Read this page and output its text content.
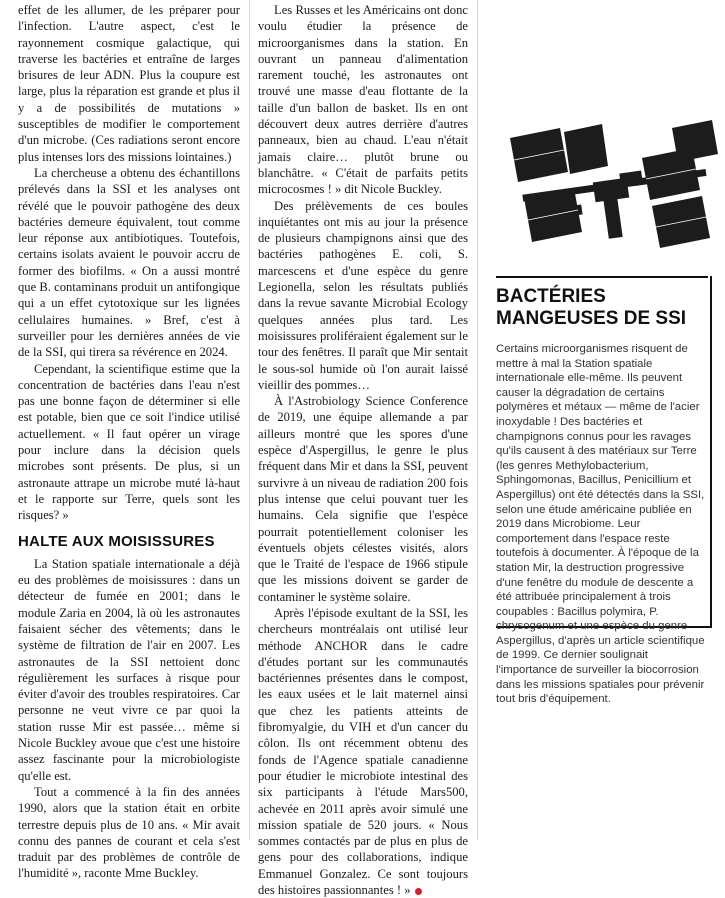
effet de les allumer, de les préparer pour l'infection. L'autre aspect, c'est le rayonnement cosmique galactique, qui traverse les bactéries et entraîne de larges brisures de leur ADN. Plus la coupure est large, plus la réparation est grande et plus il y a de possibilités de mutations » susceptibles de modifier le comportement d'un microbe. (Ces radiations seront encore plus intenses lors des missions lointaines.)

La chercheuse a obtenu des échantillons prélevés dans la SSI et les analyses ont révélé que le pouvoir pathogène des deux bactéries demeure équivalent, tout comme leur réponse aux antibiotiques. Toutefois, certains isolats avaient le pouvoir accru de former des biofilms. « On a aussi montré que B. contaminans produit un antifongique qui a un effet cytotoxique sur les lignées cellulaires humaines. » Bref, c'est à surveiller pour les dernières années de vie de la SSI, qui tirera sa révérence en 2024.

Cependant, la scientifique estime que la concentration de bactéries dans l'eau n'est pas une bonne façon de déterminer si elle est potable, bien que ce soit l'indice utilisé actuellement. « Il faut opérer un virage pour inclure dans la décision quels microbes sont présents. De plus, si un astronaute attrape un microbe muté là-haut et le rapporte sur Terre, quels sont les risques? »

HALTE AUX MOISISSURES

La Station spatiale internationale a déjà eu des problèmes de moisissures : dans un détecteur de fumée en 2001; dans le module Zaria en 2004, là où les astronautes faisaient sécher des vêtements; dans le système de filtration de l'air en 2007. Les astronautes de la SSI nettoient donc régulièrement les surfaces à risque pour éviter d'avoir des troubles respiratoires. Car personne ne veut vivre ce par quoi la station russe Mir est passée… même si Nicole Buckley avoue que c'est une histoire assez fascinante pour la microbiologiste qu'elle est.

Tout a commencé à la fin des années 1990, alors que la station était en orbite terrestre depuis plus de 10 ans. « Mir avait connu des pannes de courant et cela s'est traduit par des problèmes de contrôle de l'humidité », raconte Mme Buckley.

Les Russes et les Américains ont donc voulu étudier la présence de microorganismes dans la station. En ouvrant un panneau d'alimentation rarement touché, les astronautes ont trouvé une masse d'eau flottante de la taille d'un ballon de basket. Ils en ont découvert deux autres derrière d'autres panneaux, bien au chaud. L'eau n'était jamais claire… plutôt brune ou blanchâtre. « C'était de parfaits petits microcosmes ! » dit Nicole Buckley.

Des prélèvements de ces boules inquiétantes ont mis au jour la présence de plusieurs champignons ainsi que des bactéries pathogènes E. coli, S. marcescens et d'une espèce du genre Legionella, selon les résultats publiés dans la revue savante Microbial Ecology quelques années plus tard. Les moisissures proliféraient également sur le tour des fenêtres. Il paraît que Mir sentait le sous-sol humide où l'on aurait laissé vieillir des pommes…

À l'Astrobiology Science Conference de 2019, une équipe allemande a par ailleurs montré que les spores d'une espèce d'Aspergillus, le genre le plus fréquent dans Mir et dans la SSI, peuvent survivre à un niveau de radiation 200 fois plus intense que celui pouvant tuer les humains. Cela signifie que l'espèce pourrait potentiellement coloniser les éventuels objets célestes visités, alors que le Traité de l'espace de 1966 stipule que les missions doivent se garder de contaminer le système solaire.

Après l'épisode exultant de la SSI, les chercheurs montréalais ont utilisé leur méthode ANCHOR dans le cadre d'études portant sur les communautés bactériennes présentes dans le compost, les eaux usées et le lait maternel ainsi que chez les patients atteints de fibromyalgie, du VIH et d'un cancer du côlon. Ils ont récemment obtenu des fonds de l'Agence spatiale canadienne pour étudier le microbiote intestinal des six participants à l'étude Mars500, achevée en 2011 après avoir simulé une mission spatiale de 520 jours. « Nous sommes contactés par de plus en plus de gens pour des collaborations, indique Emmanuel Gonzalez. Ce sont toujours des histoires passionnantes ! »

BACTÉRIES
MANGEUSES DE SSI
Certains microorganismes risquent de mettre à mal la Station spatiale internationale elle-même. Ils peuvent causer la dégradation de certains polymères et métaux — même de l'acier inoxydable ! Des bactéries et champignons connus pour les ravages qu'ils causent à des matériaux sur Terre (les genres Methylobacterium, Sphingomonas, Bacillus, Penicillium et Aspergillus) ont été détectés dans la SSI, selon une étude américaine publiée en 2019 dans Microbiome. Leur comportement dans l'espace reste toutefois à documenter. À l'époque de la station Mir, la destruction progressive d'une fenêtre du module de descente a été attribuée principalement à trois coupables : Bacillus polymira, P. chrysogenum et une espèce du genre Aspergillus, d'après un article scientifique de 1999. Ce dernier soulignait l'importance de surveiller la biocorrosion dans les missions spatiales pour prévenir tout bris d'équipement.
